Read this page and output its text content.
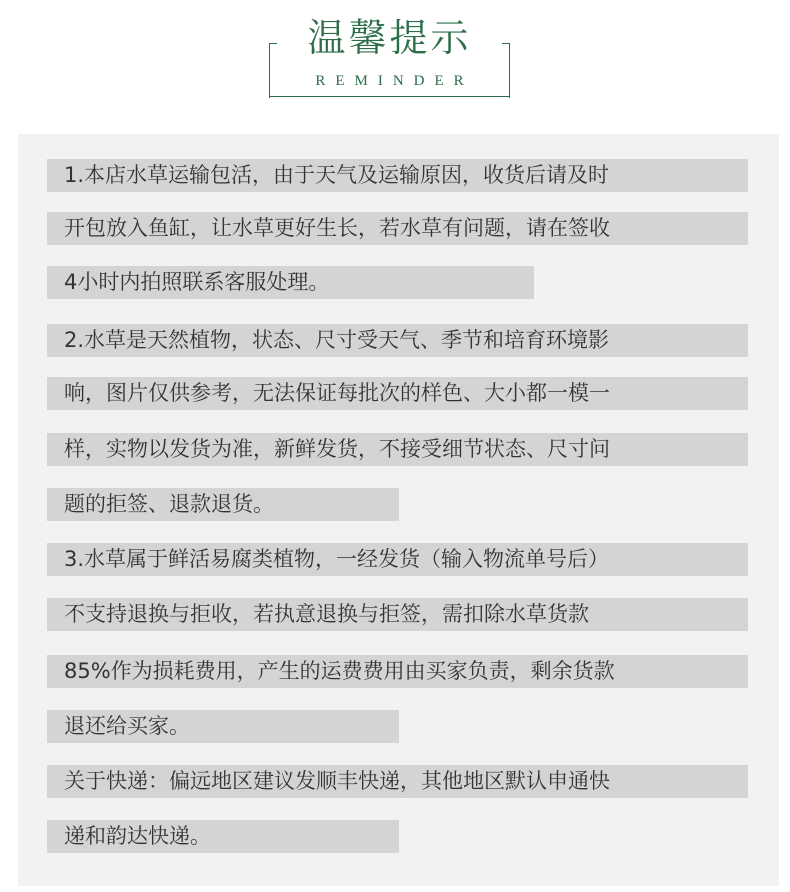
温馨提示
REMINDER
1.本店水草运输包活，由于天气及运输原因，收货后请及时
开包放入鱼缸，让水草更好生长，若水草有问题，请在签收
4小时内拍照联系客服处理。
2.水草是天然植物，状态、尺寸受天气、季节和培育环境影
响，图片仅供参考，无法保证每批次的样色、大小都一模一
样，实物以发货为准，新鲜发货，不接受细节状态、尺寸问
题的拒签、退款退货。
3.水草属于鲜活易腐类植物，一经发货（输入物流单号后）
不支持退换与拒收，若执意退换与拒签，需扣除水草货款
85%作为损耗费用，产生的运费费用由买家负责，剩余货款
退还给买家。
关于快递：偏远地区建议发顺丰快递，其他地区默认申通快
递和韵达快递。
